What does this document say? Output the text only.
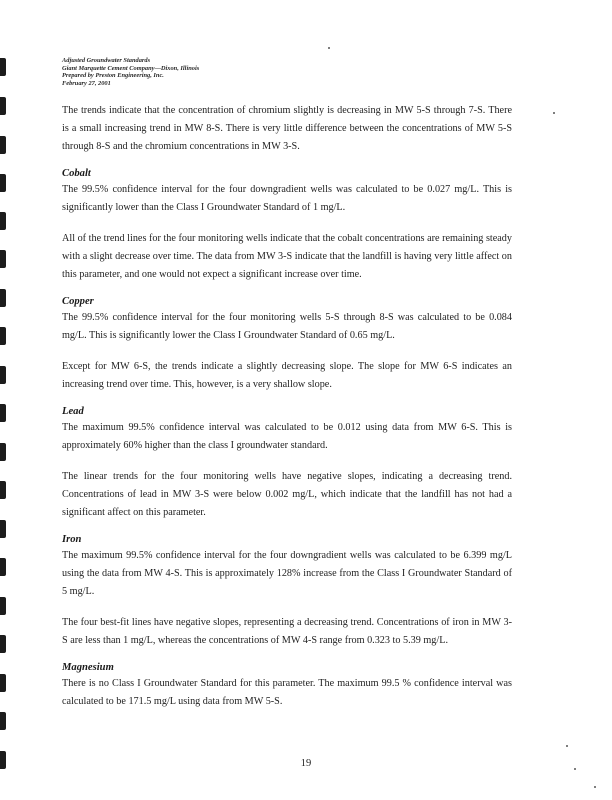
Adjusted Groundwater Standards
Giant Marquette Cement Company—Dixon, Illinois
Prepared by Preston Engineering, Inc.
February 27, 2001

The trends indicate that the concentration of chromium slightly is decreasing in MW 5-S through 7-S. There is a small increasing trend in MW 8-S. There is very little difference between the concentrations of MW 5-S through 8-S and the chromium concentrations in MW 3-S.

Cobalt

The 99.5% confidence interval for the four downgradient wells was calculated to be 0.027 mg/L. This is significantly lower than the Class I Groundwater Standard of 1 mg/L.

All of the trend lines for the four monitoring wells indicate that the cobalt concentrations are remaining steady with a slight decrease over time. The data from MW 3-S indicate that the landfill is having very little affect on this parameter, and one would not expect a significant increase over time.

Copper

The 99.5% confidence interval for the four monitoring wells 5-S through 8-S was calculated to be 0.084 mg/L. This is significantly lower the Class I Groundwater Standard of 0.65 mg/L.

Except for MW 6-S, the trends indicate a slightly decreasing slope. The slope for MW 6-S indicates an increasing trend over time. This, however, is a very shallow slope.

Lead

The maximum 99.5% confidence interval was calculated to be 0.012 using data from MW 6-S. This is approximately 60% higher than the class I groundwater standard.

The linear trends for the four monitoring wells have negative slopes, indicating a decreasing trend. Concentrations of lead in MW 3-S were below 0.002 mg/L, which indicate that the landfill has not had a significant affect on this parameter.

Iron

The maximum 99.5% confidence interval for the four downgradient wells was calculated to be 6.399 mg/L using the data from MW 4-S. This is approximately 128% increase from the Class I Groundwater Standard of 5 mg/L.

The four best-fit lines have negative slopes, representing a decreasing trend. Concentrations of iron in MW 3-S are less than 1 mg/L, whereas the concentrations of MW 4-S range from 0.323 to 5.39 mg/L.

Magnesium

There is no Class I Groundwater Standard for this parameter. The maximum 99.5 % confidence interval was calculated to be 171.5 mg/L using data from MW 5-S.

19
